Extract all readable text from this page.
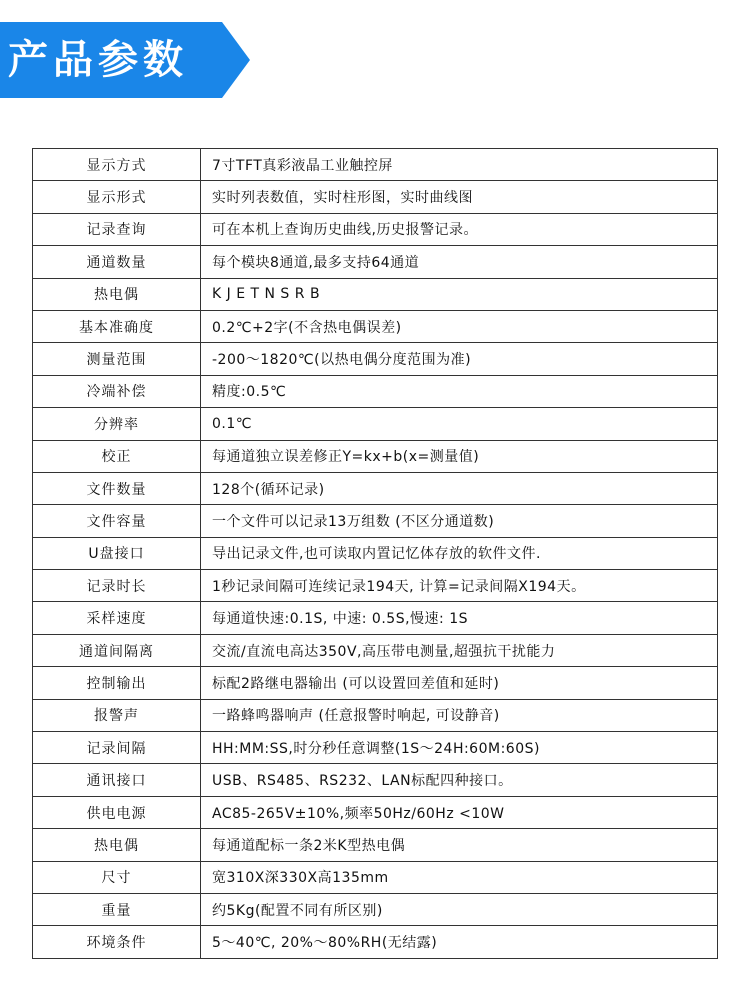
产品参数
显示方式	7寸TFT真彩液晶工业触控屏
显示形式	实时列表数值，实时柱形图，实时曲线图
记录查询	可在本机上查询历史曲线,历史报警记录。
通道数量	每个模块8通道,最多支持64通道
热电偶	K J E T N S R B
基本准确度	0.2℃+2字(不含热电偶误差)
测量范围	-200～1820℃(以热电偶分度范围为准)
冷端补偿	精度:0.5℃
分辨率	0.1℃
校正	每通道独立误差修正Y=kx+b(x=测量值)
文件数量	128个(循环记录)
文件容量	一个文件可以记录13万组数 (不区分通道数)
U盘接口	导出记录文件,也可读取内置记忆体存放的软件文件.
记录时长	1秒记录间隔可连续记录194天, 计算=记录间隔X194天。
采样速度	每通道快速:0.1S, 中速: 0.5S,慢速: 1S
通道间隔离	交流/直流电高达350V,高压带电测量,超强抗干扰能力
控制输出	标配2路继电器输出 (可以设置回差值和延时)
报警声	一路蜂鸣器响声 (任意报警时响起, 可设静音)
记录间隔	HH:MM:SS,时分秒任意调整(1S～24H:60M:60S)
通讯接口	USB、RS485、RS232、LAN标配四种接口。
供电电源	AC85-265V±10%,频率50Hz/60Hz <10W
热电偶	每通道配标一条2米K型热电偶
尺寸	宽310X深330X高135mm
重量	约5Kg(配置不同有所区别)
环境条件	5～40℃, 20%～80%RH(无结露)
